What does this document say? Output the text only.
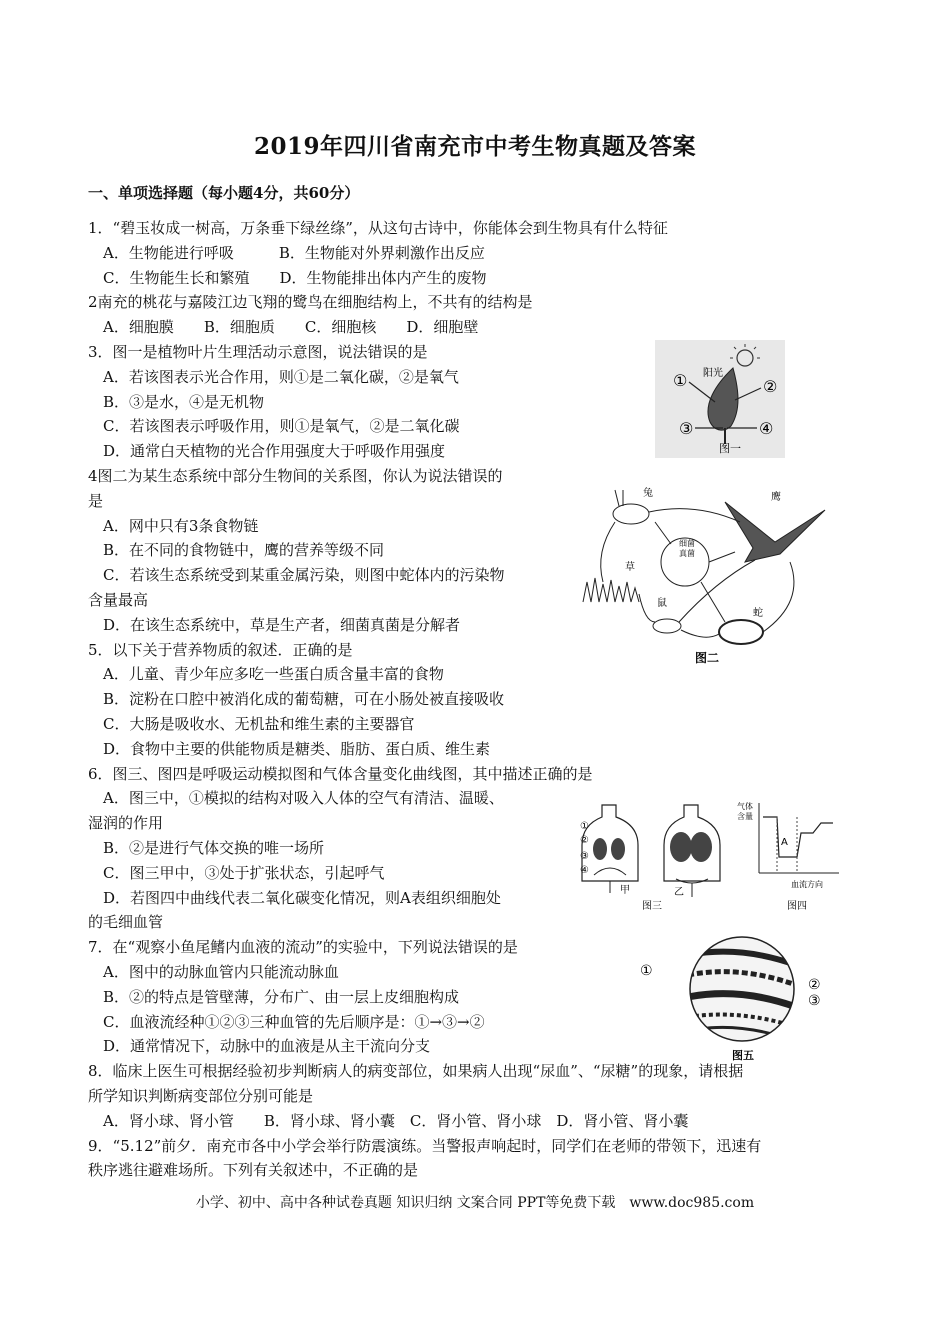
2019年四川省南充市中考生物真题及答案
一、单项选择题（每小题4分，共60分）
1．“碧玉妆成一树高，万条垂下绿丝绦”，从这句古诗中，你能体会到生物具有什么特征
A．生物能进行呼吸　　　B．生物能对外界刺激作出反应
C．生物能生长和繁殖　　D．生物能排出体内产生的废物
2南充的桃花与嘉陵江边飞翔的鹭鸟在细胞结构上，不共有的结构是
A．细胞膜　　B．细胞质　　C．细胞核　　D．细胞壁
3．图一是植物叶片生理活动示意图，说法错误的是
A．若该图表示光合作用，则①是二氧化碳，②是氧气
B．③是水，④是无机物
C．若该图表示呼吸作用，则①是氧气，②是二氧化碳
D．通常白天植物的光合作用强度大于呼吸作用强度
4图二为某生态系统中部分生物间的关系图，你认为说法错误的
是
A．网中只有3条食物链
B．在不同的食物链中，鹰的营养等级不同
C．若该生态系统受到某重金属污染，则图中蛇体内的污染物
含量最高
D．在该生态系统中，草是生产者，细菌真菌是分解者
5．以下关于营养物质的叙述．正确的是
A．儿童、青少年应多吃一些蛋白质含量丰富的食物
B．淀粉在口腔中被消化成的葡萄糖，可在小肠处被直接吸收
C．大肠是吸收水、无机盐和维生素的主要器官
D．食物中主要的供能物质是糖类、脂肪、蛋白质、维生素
6．图三、图四是呼吸运动模拟图和气体含量变化曲线图，其中描述正确的是
A．图三中，①模拟的结构对吸入人体的空气有清洁、温暖、
湿润的作用
B．②是进行气体交换的唯一场所
C．图三甲中，③处于扩张状态，引起呼气
D．若图四中曲线代表二氧化碳变化情况，则A表组织细胞处
的毛细血管
7．在“观察小鱼尾鳍内血液的流动”的实验中，下列说法错误的是
A．图中的动脉血管内只能流动脉血
B．②的特点是管壁薄，分布广、由一层上皮细胞构成
C．血液流经种①②③三种血管的先后顺序是：①→③→②
D．通常情况下，动脉中的血液是从主干流向分支
8．临床上医生可根据经验初步判断病人的病变部位，如果病人出现“尿血”、“尿糖”的现象，请根据
所学知识判断病变部位分别可能是
A．肾小球、肾小管　　B．肾小球、肾小囊　C．肾小管、肾小球　D．肾小管、肾小囊
9．“5.12”前夕．南充市各中小学会举行防震演练。当警报声响起时，同学们在老师的带领下，迅速有
秩序逃往避难场所。下列有关叙述中，不正确的是
阳光
①	②
③	④
图一
兔	鹰
细菌真菌
草
鼠
蛇
图二
①
②
③
④
甲	乙
图三
气体含量
A
血流方向
图四
①
②
③
图五
小学、初中、高中各种试卷真题 知识归纳 文案合同 PPT等免费下载　www.doc985.com
